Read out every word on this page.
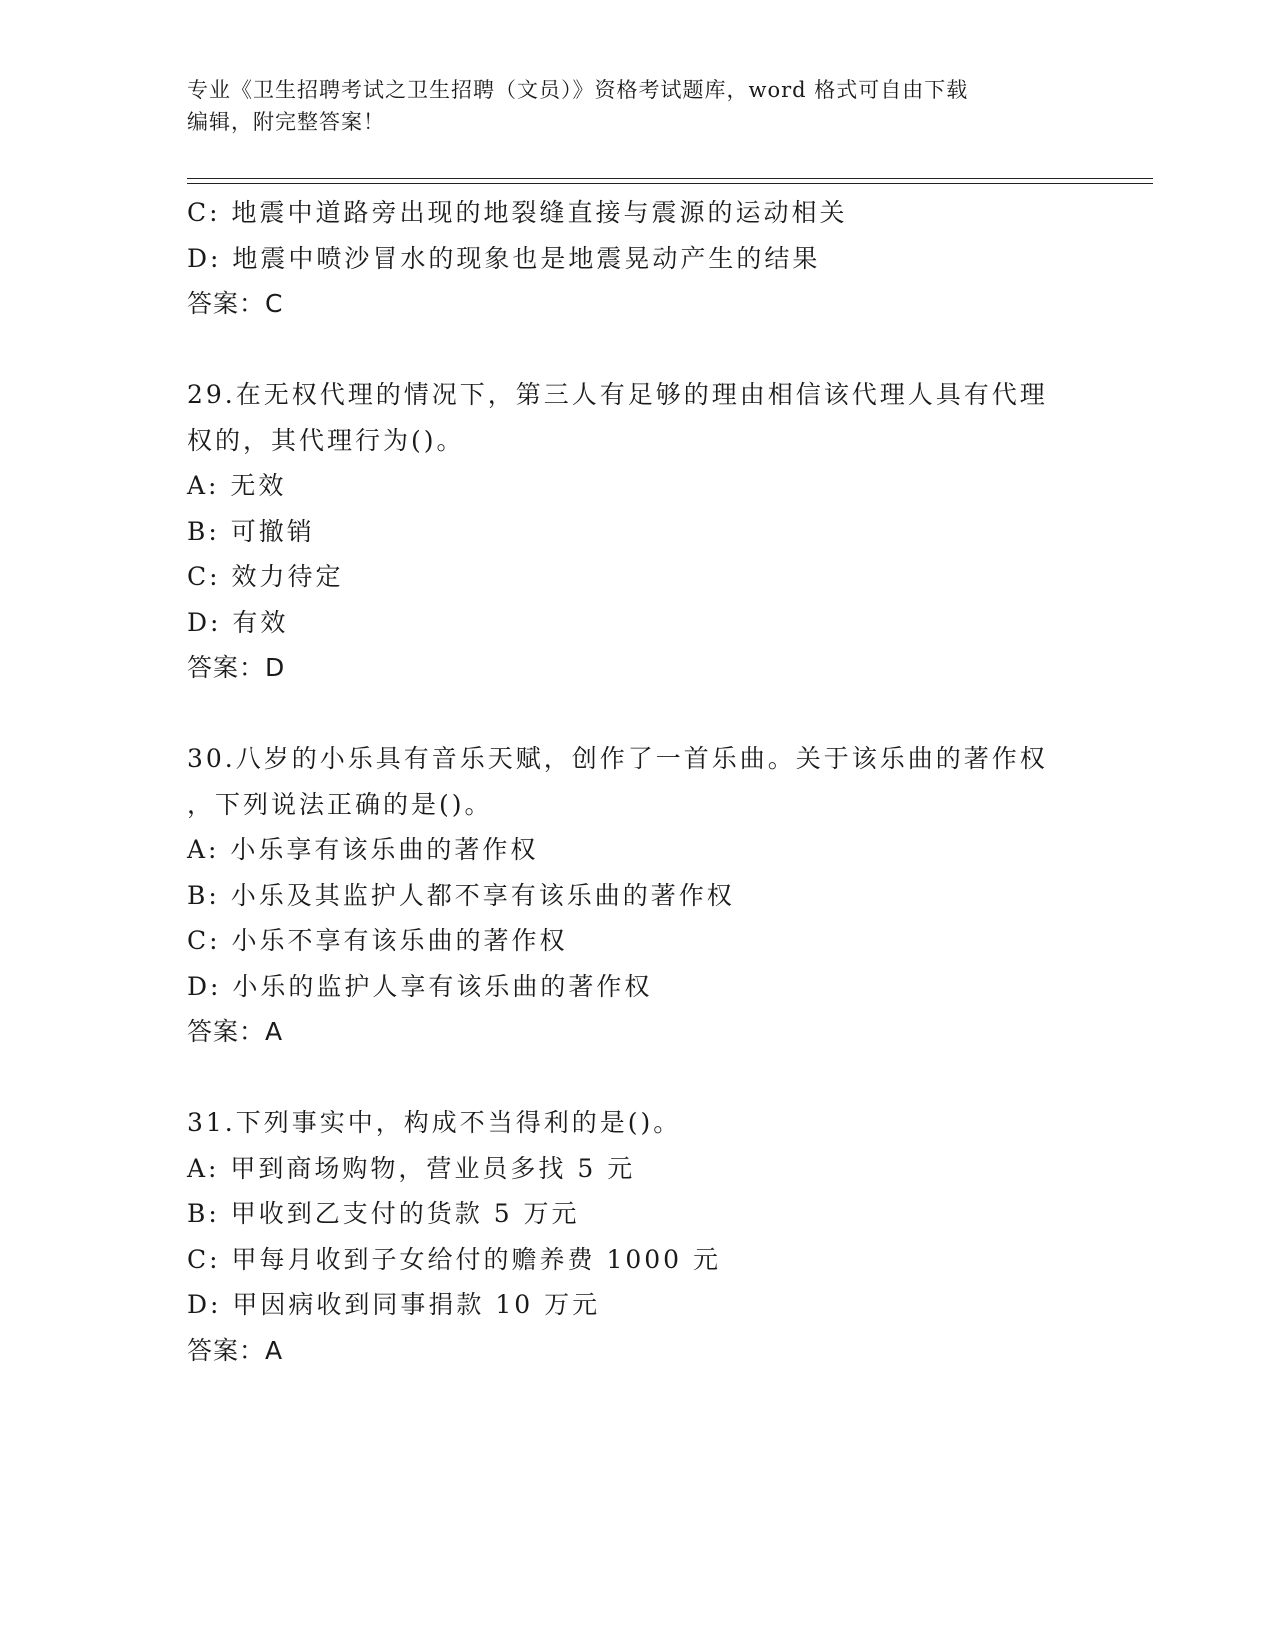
专业《卫生招聘考试之卫生招聘（文员）》资格考试题库，word 格式可自由下载
编辑，附完整答案！
C: 地震中道路旁出现的地裂缝直接与震源的运动相关
D: 地震中喷沙冒水的现象也是地震晃动产生的结果
答案：C
29.在无权代理的情况下，第三人有足够的理由相信该代理人具有代理
权的，其代理行为()。
A: 无效
B: 可撤销
C: 效力待定
D: 有效
答案：D
30.八岁的小乐具有音乐天赋，创作了一首乐曲。关于该乐曲的著作权
，下列说法正确的是()。
A: 小乐享有该乐曲的著作权
B: 小乐及其监护人都不享有该乐曲的著作权
C: 小乐不享有该乐曲的著作权
D: 小乐的监护人享有该乐曲的著作权
答案：A
31.下列事实中，构成不当得利的是()。
A: 甲到商场购物，营业员多找 5 元
B: 甲收到乙支付的货款 5 万元
C: 甲每月收到子女给付的赡养费 1000 元
D: 甲因病收到同事捐款 10 万元
答案：A
